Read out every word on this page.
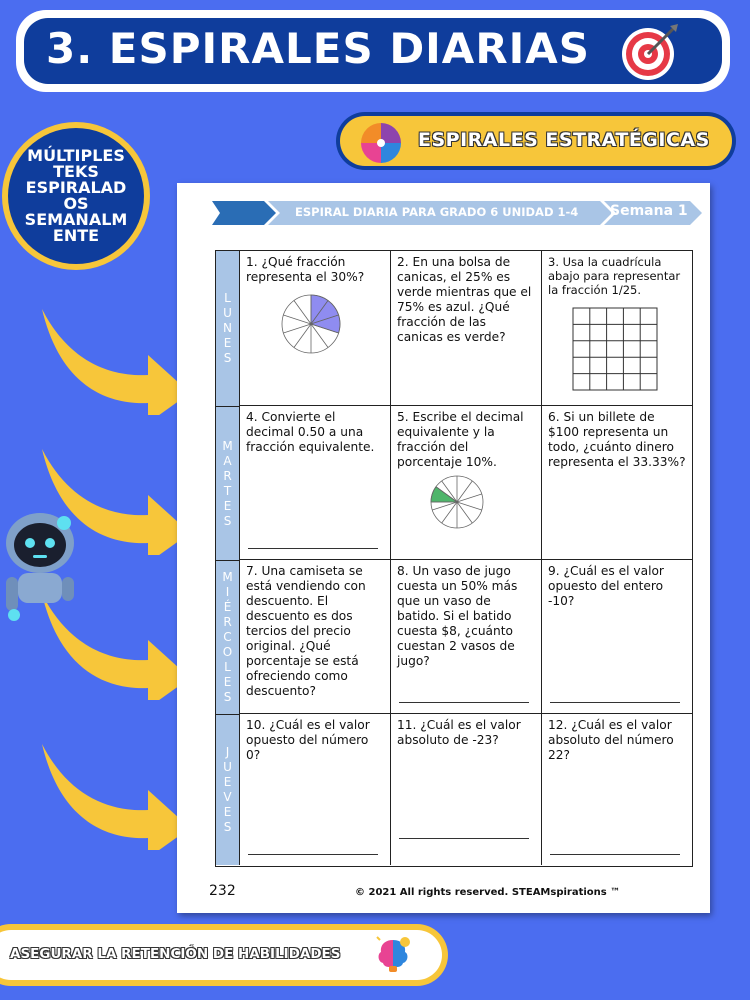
3. ESPIRALES DIARIAS
ESPIRALES ESTRATÉGICAS
MÚLTIPLES
TEKS
ESPIRALAD
OS
SEMANALM
ENTE
ESPIRAL DIARIA PARA GRADO 6 UNIDAD 1-4 Semana 1
L
U
N
E
S
M
A
R
T
E
S
M
I
É
R
C
O
L
E
S
J
U
E
V
E
S
1. ¿Qué fracción representa el 30%?
2. En una bolsa de canicas, el 25% es verde mientras que el 75% es azul. ¿Qué fracción de las canicas es verde?
3. Usa la cuadrícula abajo para representar la fracción 1/25.
4. Convierte el decimal 0.50 a una fracción equivalente.
5. Escribe el decimal equivalente y la fracción del porcentaje 10%.
6. Si un billete de $100 representa un todo, ¿cuánto dinero representa el 33.33%?
7. Una camiseta se está vendiendo con descuento. El descuento es dos tercios del precio original. ¿Qué porcentaje se está ofreciendo como descuento?
8. Un vaso de jugo cuesta un 50% más que un vaso de batido. Si el batido cuesta $8, ¿cuánto cuestan 2 vasos de jugo?
9. ¿Cuál es el valor opuesto del entero -10?
10. ¿Cuál es el valor opuesto del número 0?
11. ¿Cuál es el valor absoluto de -23?
12. ¿Cuál es el valor absoluto del número 22?
232	© 2021 All rights reserved. STEAMspirations ™
ASEGURAR LA RETENCIÓN DE HABILIDADES
